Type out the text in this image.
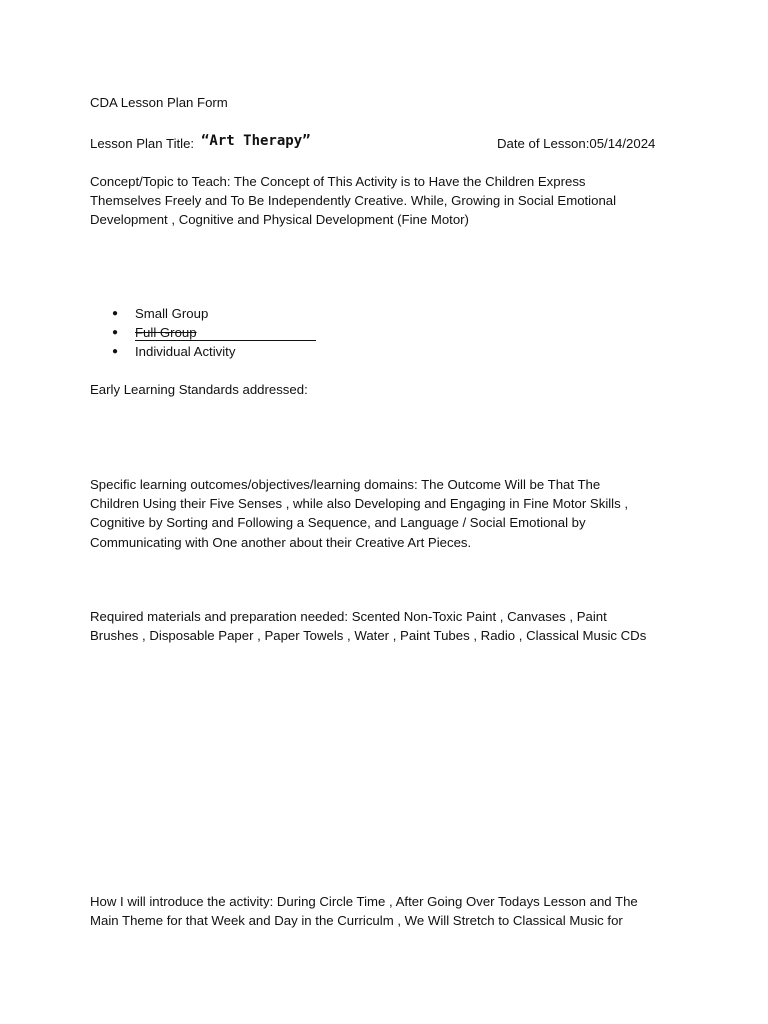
CDA Lesson Plan Form

Lesson Plan Title: “Art Therapy”	Date of Lesson:05/14/2024
Concept/Topic to Teach: The Concept of This Activity is to Have the Children Express
Themselves Freely and To Be Independently Creative. While, Growing in Social Emotional
Development , Cognitive and Physical Development (Fine Motor)
● Small Group
● Full Group
● Individual Activity

Early Learning Standards addressed:

Specific learning outcomes/objectives/learning domains: The Outcome Will be That The
Children Using their Five Senses , while also Developing and Engaging in Fine Motor Skills ,
Cognitive by Sorting and Following a Sequence, and Language / Social Emotional by
Communicating with One another about their Creative Art Pieces.
Required materials and preparation needed: Scented Non-Toxic Paint , Canvases , Paint
Brushes , Disposable Paper , Paper Towels , Water , Paint Tubes , Radio , Classical Music CDs
How I will introduce the activity: During Circle Time , After Going Over Todays Lesson and The
Main Theme for that Week and Day in the Curriculm , We Will Stretch to Classical Music for
